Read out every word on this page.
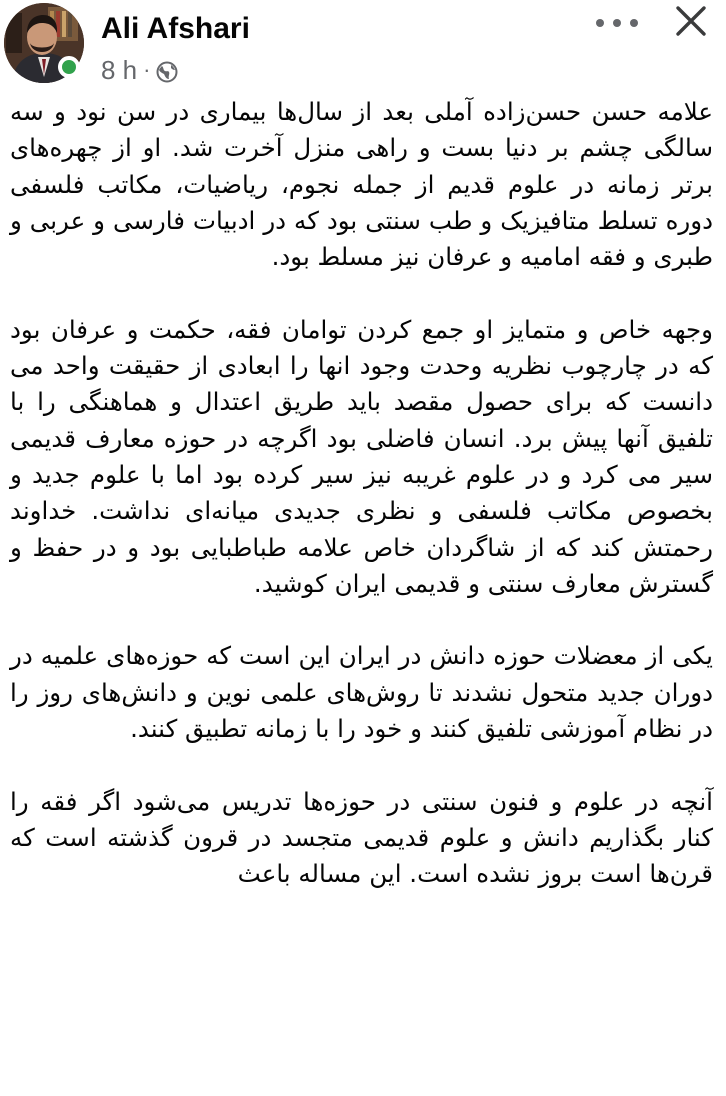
Ali Afshari
8 h ·

علامه حسن حسن‌زاده آملی بعد از سال‌ها بیماری در سن نود و سه سالگی چشم بر دنیا بست و راهی منزل آخرت شد. او از چهره‌های برتر زمانه در علوم قدیم از جمله نجوم، ریاضیات، مکاتب فلسفی دوره تسلط متافیزیک و طب سنتی بود که در ادبیات فارسی و عربی و طبری و فقه امامیه و عرفان نیز مسلط بود.

وجهه خاص و متمایز او جمع کردن توامان فقه، حکمت و عرفان بود که در چارچوب نظریه وحدت وجود انها را ابعادی از حقیقت واحد می دانست که برای حصول مقصد باید طریق اعتدال و هماهنگی را با تلفیق آنها پیش برد. انسان فاضلی بود اگرچه در حوزه معارف قدیمی سیر می کرد و در علوم غریبه نیز سیر کرده بود اما با علوم جدید و بخصوص مکاتب فلسفی و نظری جدیدی میانه‌ای نداشت. خداوند رحمتش کند که از شاگردان خاص علامه طباطبایی بود و در حفظ و گسترش معارف سنتی و قدیمی ایران کوشید.

یکی از معضلات حوزه دانش در ایران این است که حوزه‌های علمیه در دوران جدید متحول نشدند تا روش‌های علمی نوین و دانش‌های روز را در نظام آموزشی تلفیق کنند و خود را با زمانه تطبیق کنند.

آنچه در علوم و فنون سنتی در حوزه‌ها تدریس می‌شود اگر فقه را کنار بگذاریم دانش و علوم قدیمی متجسد در قرون گذشته است که قرن‌ها است بروز نشده است. این مساله باعث
